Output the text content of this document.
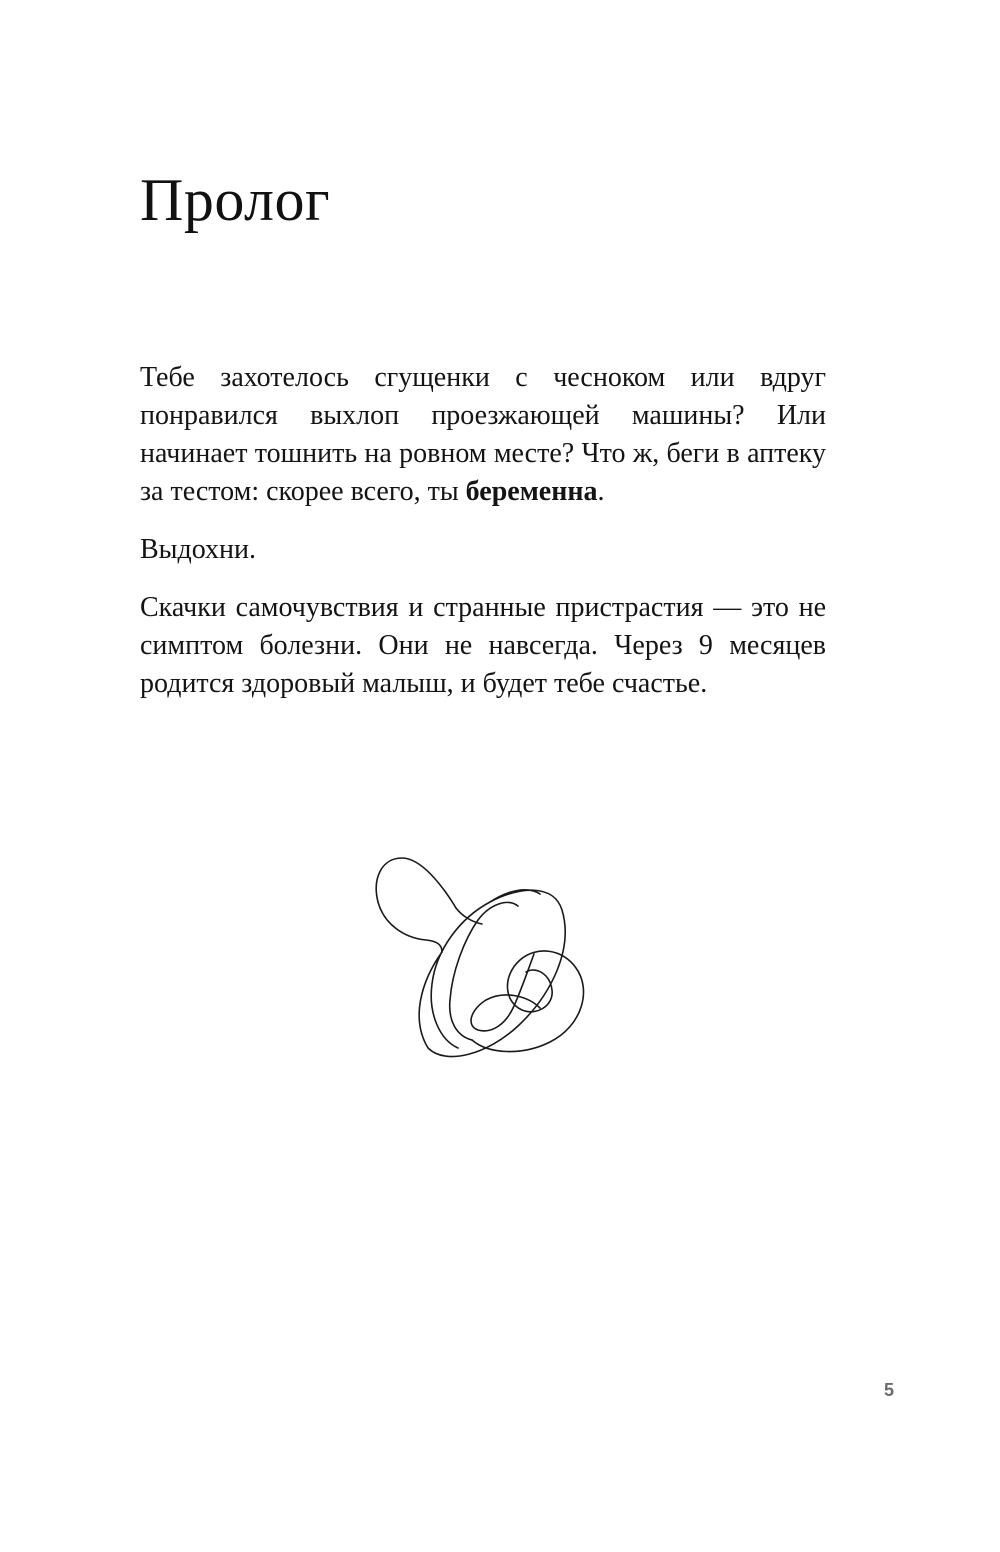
Пролог

Тебе захотелось сгущенки с чесноком или вдруг понравился выхлоп проезжающей машины? Или начинает тошнить на ровном месте? Что ж, беги в аптеку за тестом: скорее всего, ты беременна.

Выдохни.

Скачки самочувствия и странные пристрастия — это не симптом болезни. Они не навсегда. Через 9 месяцев родится здоровый малыш, и будет тебе счастье.

5
